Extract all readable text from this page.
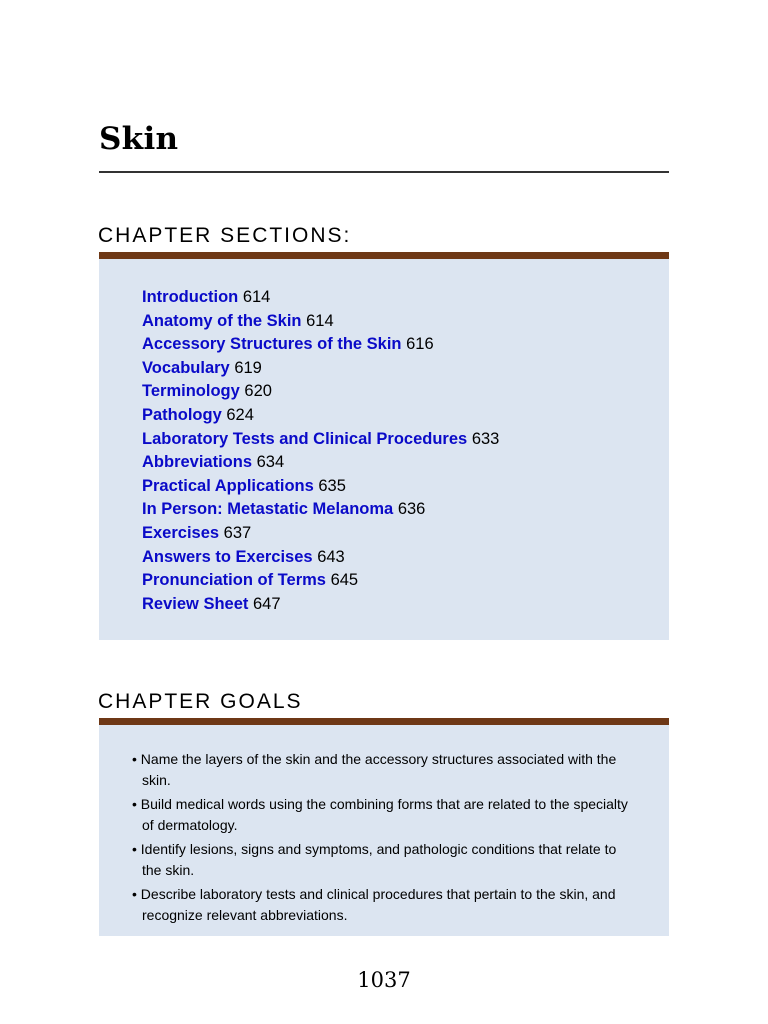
Skin
CHAPTER SECTIONS:
Introduction 614
Anatomy of the Skin 614
Accessory Structures of the Skin 616
Vocabulary 619
Terminology 620
Pathology 624
Laboratory Tests and Clinical Procedures 633
Abbreviations 634
Practical Applications 635
In Person: Metastatic Melanoma 636
Exercises 637
Answers to Exercises 643
Pronunciation of Terms 645
Review Sheet 647
CHAPTER GOALS
• Name the layers of the skin and the accessory structures associated with the skin.
• Build medical words using the combining forms that are related to the specialty of dermatology.
• Identify lesions, signs and symptoms, and pathologic conditions that relate to the skin.
• Describe laboratory tests and clinical procedures that pertain to the skin, and recognize relevant abbreviations.
1037
